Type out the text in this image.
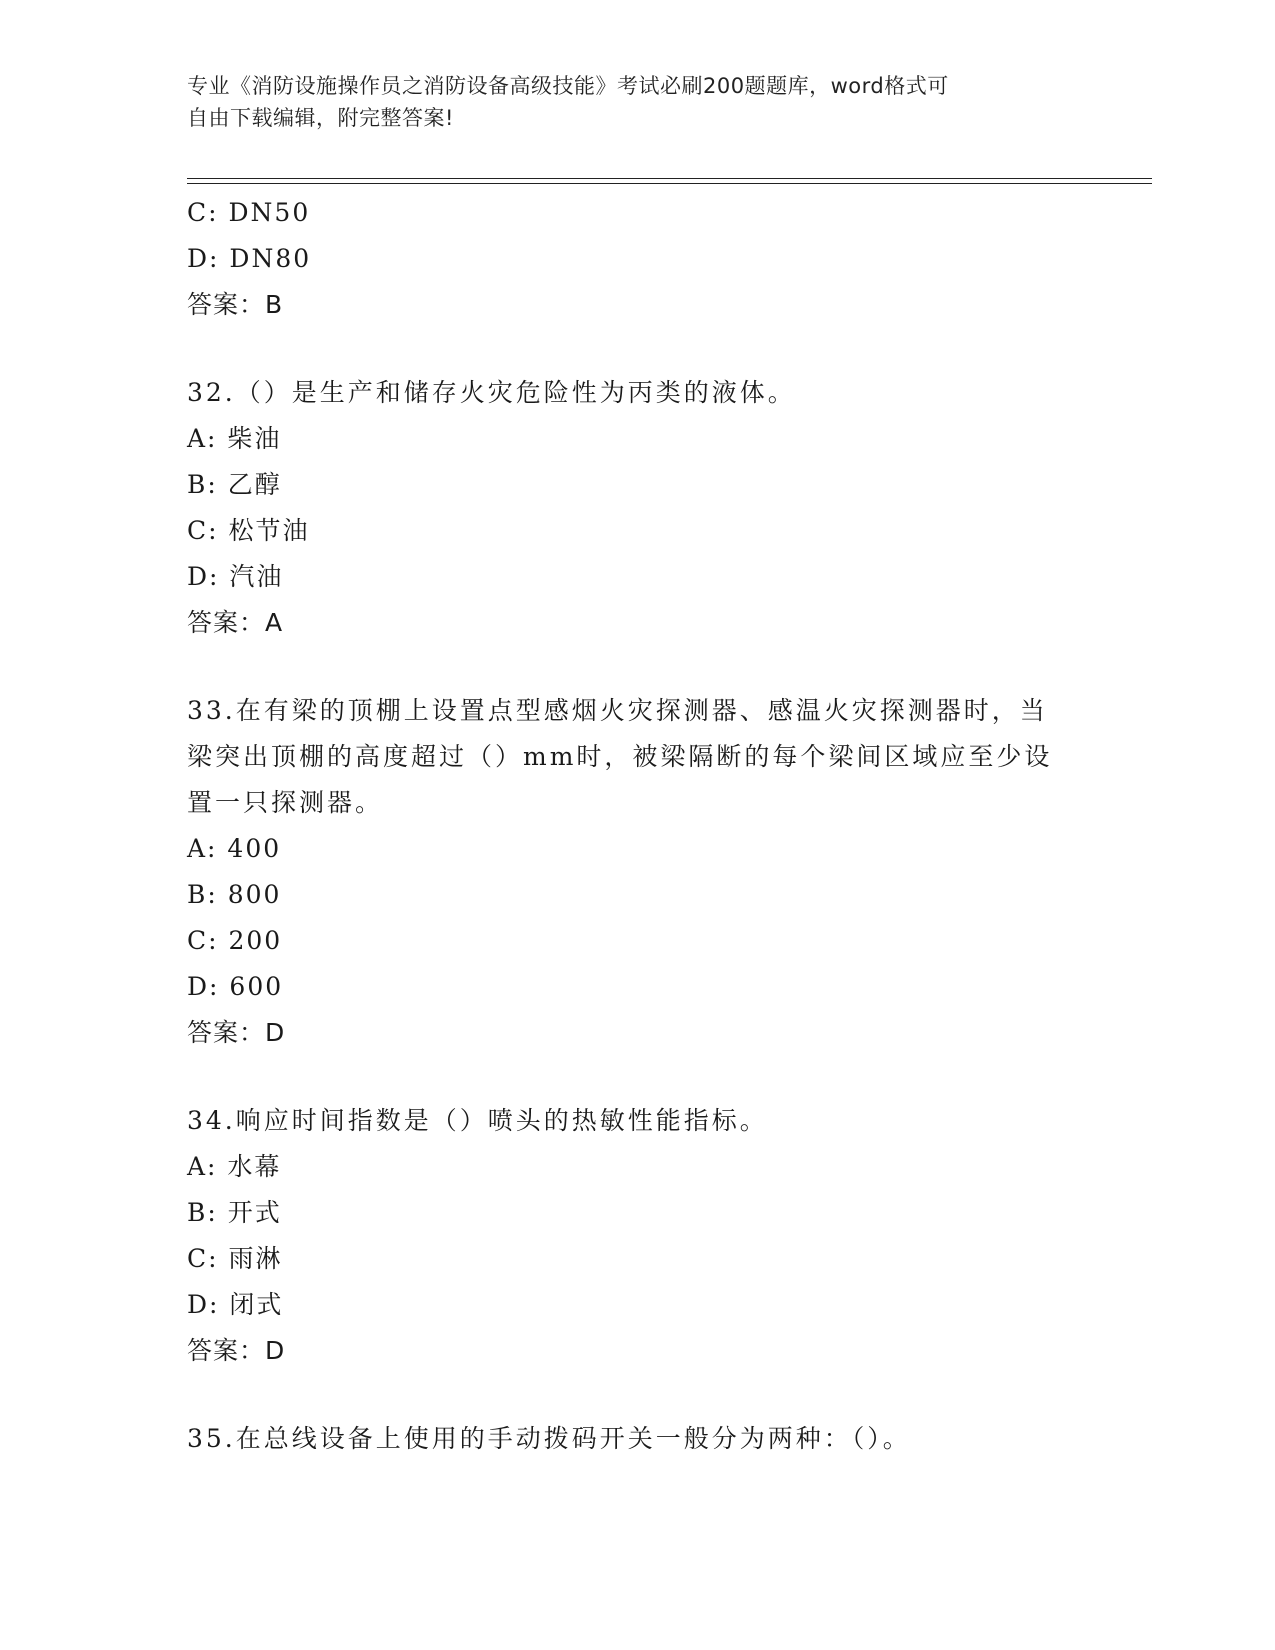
专业《消防设施操作员之消防设备高级技能》考试必刷200题题库，word格式可
自由下载编辑，附完整答案!
C: DN50
D: DN80
答案：B
32.（）是生产和储存火灾危险性为丙类的液体。
A: 柴油
B: 乙醇
C: 松节油
D: 汽油
答案：A
33.在有梁的顶棚上设置点型感烟火灾探测器、感温火灾探测器时，当
梁突出顶棚的高度超过（）mm时，被梁隔断的每个梁间区域应至少设
置一只探测器。
A: 400
B: 800
C: 200
D: 600
答案：D
34.响应时间指数是（）喷头的热敏性能指标。
A: 水幕
B: 开式
C: 雨淋
D: 闭式
答案：D
35.在总线设备上使用的手动拨码开关一般分为两种：（）。
